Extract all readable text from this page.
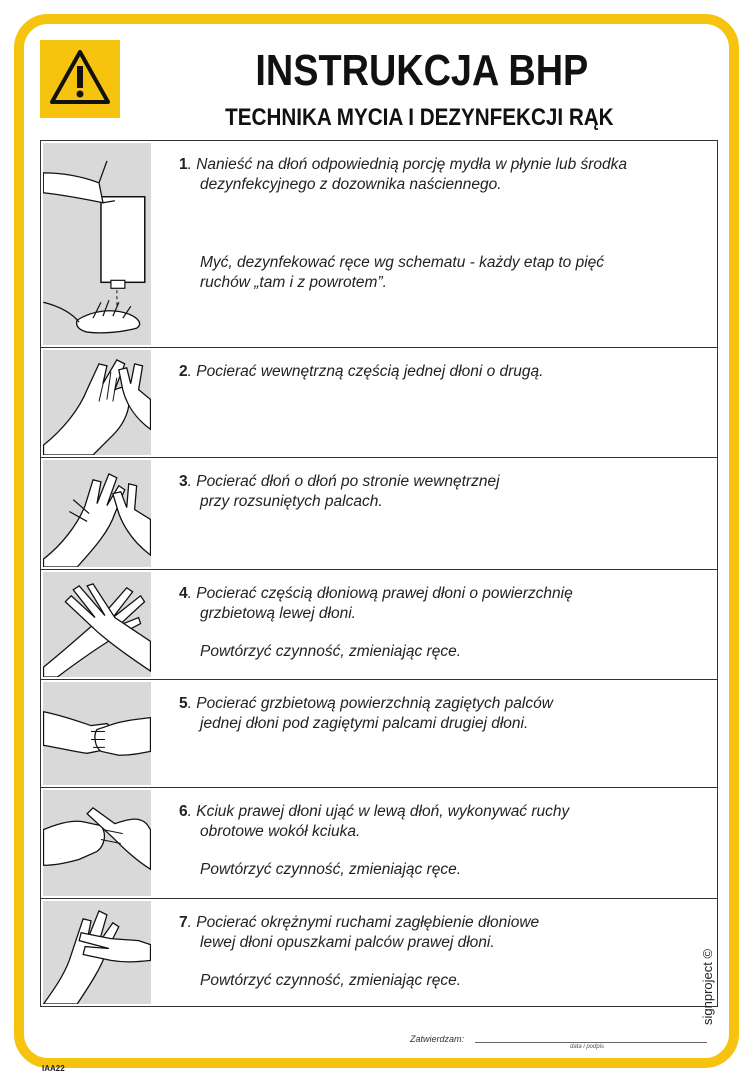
INSTRUKCJA BHP
TECHNIKA MYCIA I DEZYNFEKCJI RĄK
1. Nanieść na dłoń odpowiednią porcję mydła w płynie lub środka
dezynfekcyjnego z dozownika naściennego.
Myć, dezynfekować ręce wg schematu - każdy etap to pięć
ruchów „tam i z powrotem”.
2. Pocierać wewnętrzną częścią jednej dłoni o drugą.
3. Pocierać dłoń o dłoń po stronie wewnętrznej
przy rozsuniętych palcach.
4. Pocierać częścią dłoniową prawej dłoni o powierzchnię
grzbietową lewej dłoni.
Powtórzyć czynność, zmieniając ręce.
5. Pocierać grzbietową powierzchnią zagiętych palców
jednej dłoni pod zagiętymi palcami drugiej dłoni.
6. Kciuk prawej dłoni ująć w lewą dłoń, wykonywać ruchy
obrotowe wokół kciuka.
Powtórzyć czynność, zmieniając ręce.
7. Pocierać okrężnymi ruchami zagłębienie dłoniowe
lewej dłoni opuszkami palców prawej dłoni.
Powtórzyć czynność, zmieniając ręce.	signproject ©
Zatwierdzam:
data i podpis
IAA22
